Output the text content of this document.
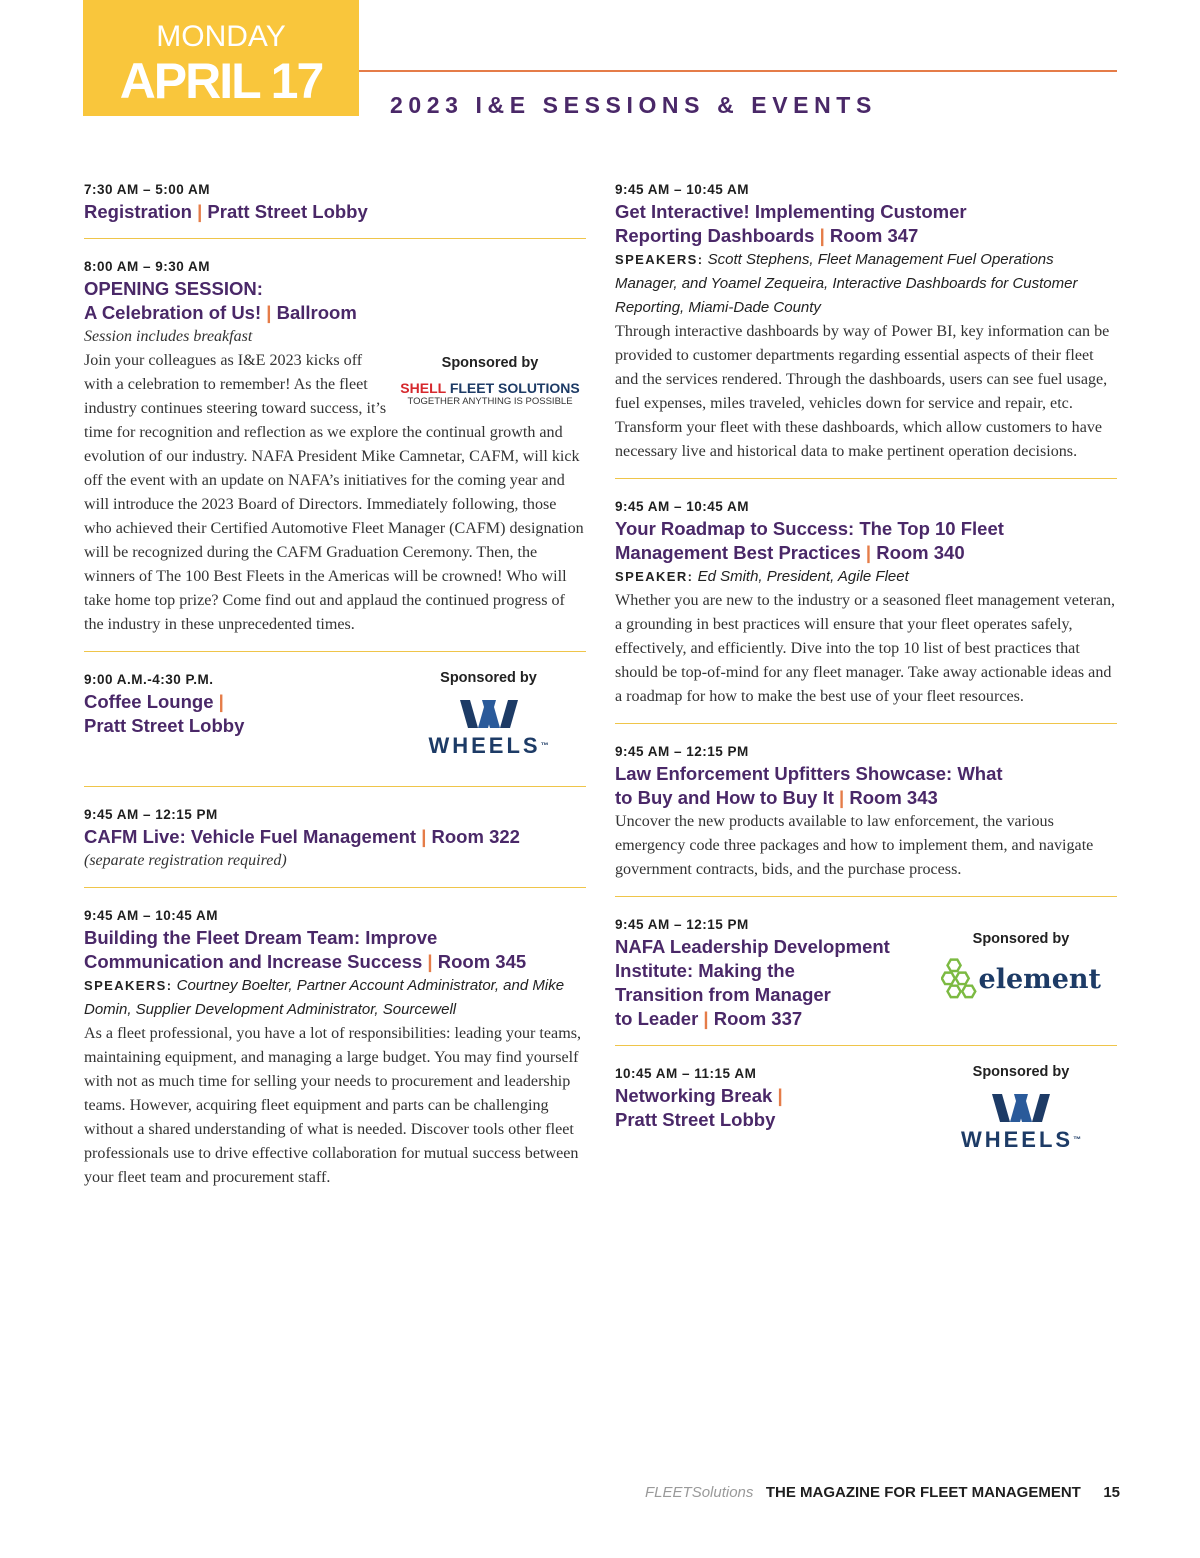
MONDAY
APRIL 17	2023 I&E SESSIONS & EVENTS
7:30 AM – 5:00 AM
Registration | Pratt Street Lobby
8:00 AM – 9:30 AM
OPENING SESSION:
A Celebration of Us! | Ballroom
Session includes breakfast
Sponsored by
SHELL FLEET SOLUTIONS
TOGETHER ANYTHING IS POSSIBLE
Join your colleagues as I&E 2023 kicks off with a celebration to remember! As the fleet industry continues steering toward success, it’s time for recognition and reflection as we explore the continual growth and evolution of our industry. NAFA President Mike Camnetar, CAFM, will kick off the event with an update on NAFA’s initiatives for the coming year and will introduce the 2023 Board of Directors. Immediately following, those who achieved their Certified Automotive Fleet Manager (CAFM) designation will be recognized during the CAFM Graduation Ceremony. Then, the winners of The 100 Best Fleets in the Americas will be crowned! Who will take home top prize? Come find out and applaud the continued progress of the industry in these unprecedented times.
9:00 A.M.-4:30 P.M.
Coffee Lounge |
Pratt Street Lobby
Sponsored by
WHEELS™
9:45 AM – 12:15 PM
CAFM Live: Vehicle Fuel Management | Room 322
(separate registration required)
9:45 AM – 10:45 AM
Building the Fleet Dream Team: Improve
Communication and Increase Success | Room 345
SPEAKERS: Courtney Boelter, Partner Account Administrator, and Mike Domin, Supplier Development Administrator, Sourcewell
As a fleet professional, you have a lot of responsibilities: leading your teams, maintaining equipment, and managing a large budget. You may find yourself with not as much time for selling your needs to procurement and leadership teams. However, acquiring fleet equipment and parts can be challenging without a shared understanding of what is needed. Discover tools other fleet professionals use to drive effective collaboration for mutual success between your fleet team and procurement staff.
9:45 AM – 10:45 AM
Get Interactive! Implementing Customer
Reporting Dashboards | Room 347
SPEAKERS: Scott Stephens, Fleet Management Fuel Operations Manager, and Yoamel Zequeira, Interactive Dashboards for Customer Reporting, Miami-Dade County
Through interactive dashboards by way of Power BI, key information can be provided to customer departments regarding essential aspects of their fleet and the services rendered. Through the dashboards, users can see fuel usage, fuel expenses, miles traveled, vehicles down for service and repair, etc. Transform your fleet with these dashboards, which allow customers to have necessary live and historical data to make pertinent operation decisions.
9:45 AM – 10:45 AM
Your Roadmap to Success: The Top 10 Fleet
Management Best Practices | Room 340
SPEAKER: Ed Smith, President, Agile Fleet
Whether you are new to the industry or a seasoned fleet management veteran, a grounding in best practices will ensure that your fleet operates safely, effectively, and efficiently. Dive into the top 10 list of best practices that should be top-of-mind for any fleet manager. Take away actionable ideas and a roadmap for how to make the best use of your fleet resources.
9:45 AM – 12:15 PM
Law Enforcement Upfitters Showcase: What
to Buy and How to Buy It | Room 343
Uncover the new products available to law enforcement, the various emergency code three packages and how to implement them, and navigate government contracts, bids, and the purchase process.
9:45 AM – 12:15 PM
NAFA Leadership Development
Institute: Making the
Transition from Manager
to Leader | Room 337
Sponsored by
element
10:45 AM – 11:15 AM
Networking Break |
Pratt Street Lobby
Sponsored by
WHEELS™
FLEETSolutions THE MAGAZINE FOR FLEET MANAGEMENT 15
